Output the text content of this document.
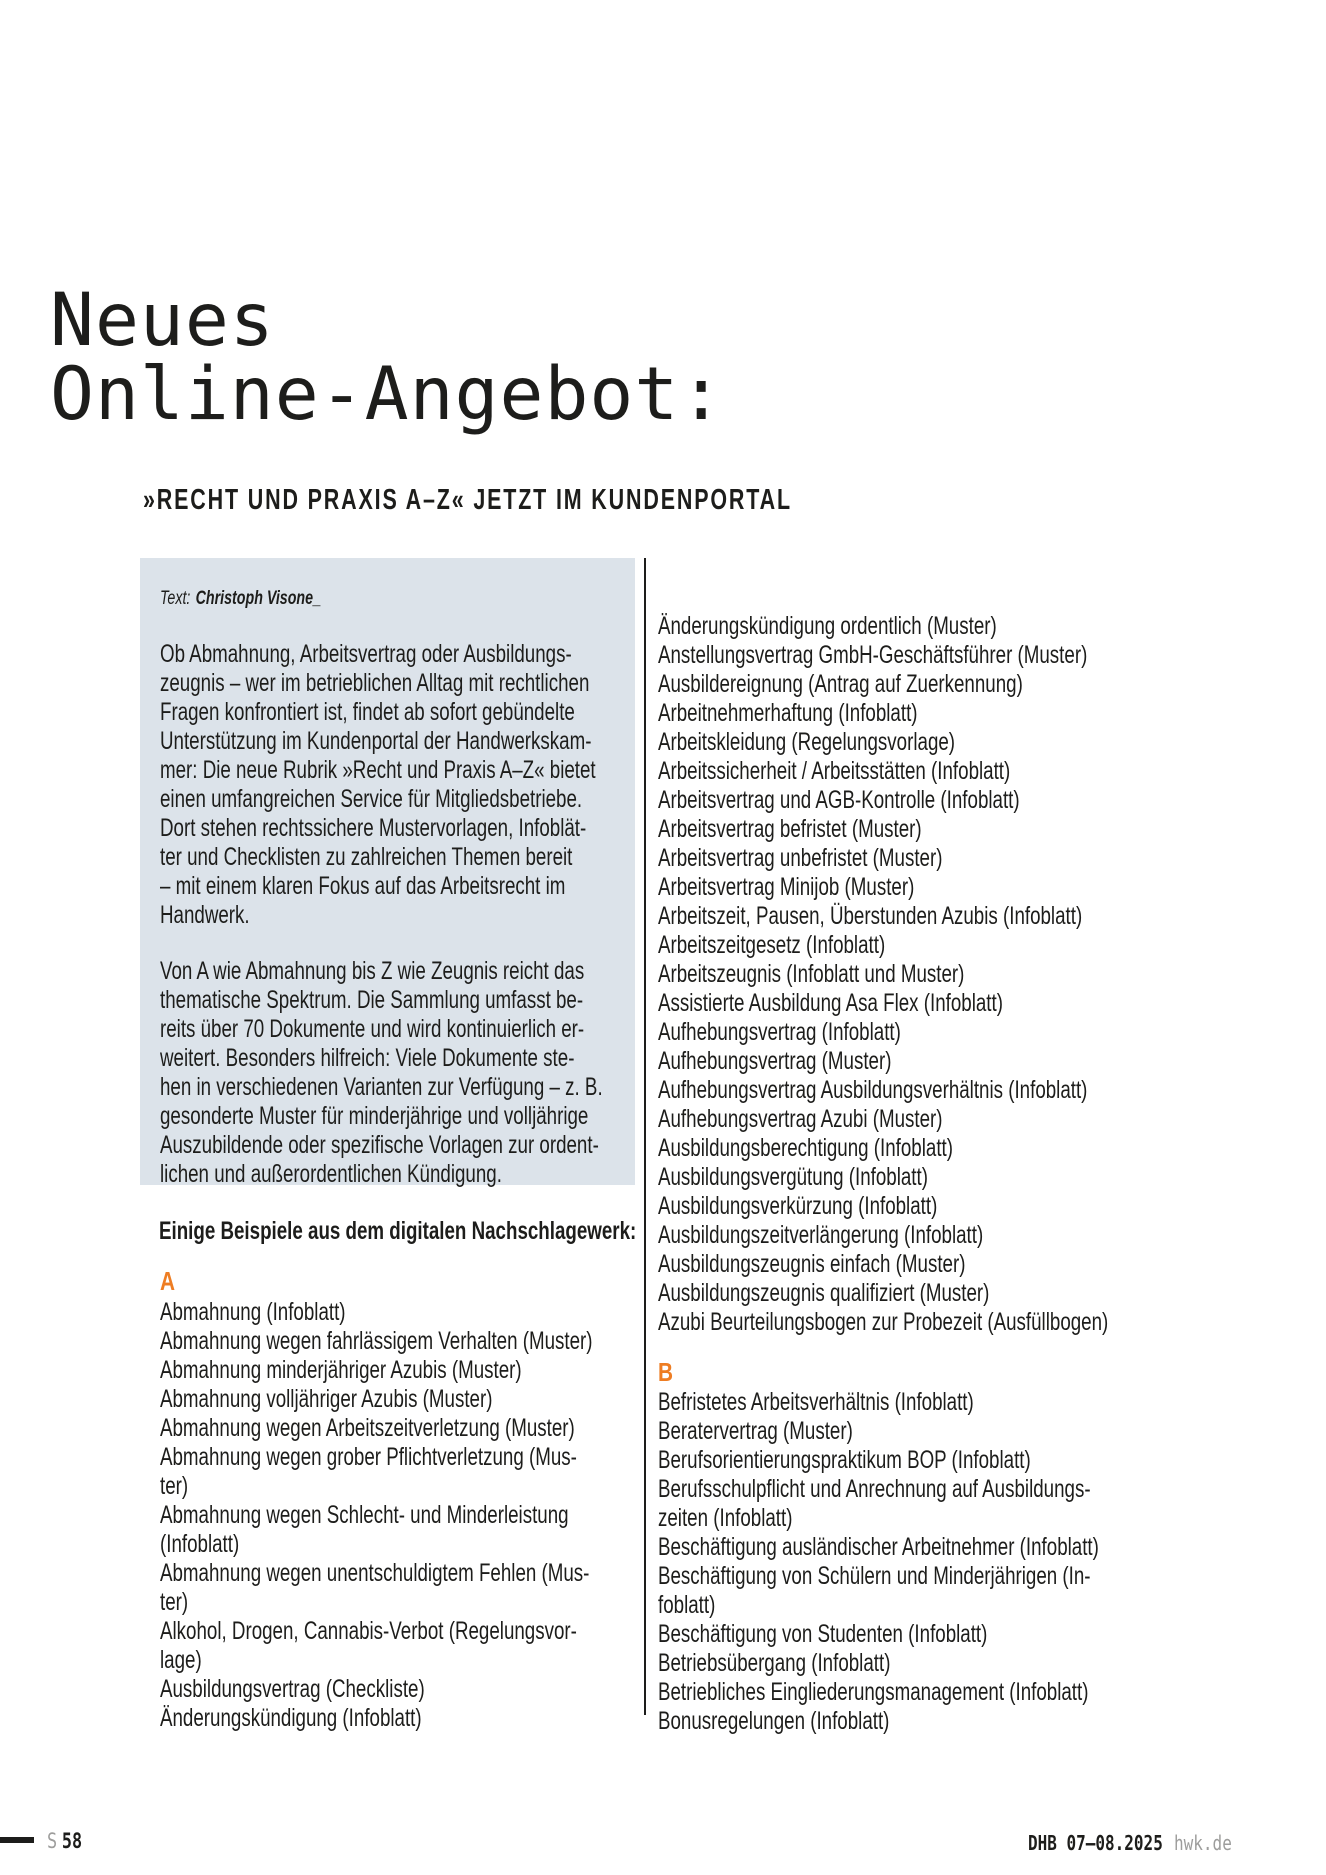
Neues
Online-Angebot:
»RECHT UND PRAXIS A–Z« JETZT IM KUNDENPORTAL
Text: Christoph Visone_
Ob Abmahnung, Arbeitsvertrag oder Ausbildungs-
zeugnis – wer im betrieblichen Alltag mit rechtlichen
Fragen konfrontiert ist, findet ab sofort gebündelte
Unterstützung im Kundenportal der Handwerkskam-
mer: Die neue Rubrik »Recht und Praxis A–Z« bietet
einen umfangreichen Service für Mitgliedsbetriebe.
Dort stehen rechtssichere Mustervorlagen, Infoblät-
ter und Checklisten zu zahlreichen Themen bereit
– mit einem klaren Fokus auf das Arbeitsrecht im
Handwerk.
Von A wie Abmahnung bis Z wie Zeugnis reicht das
thematische Spektrum. Die Sammlung umfasst be-
reits über 70 Dokumente und wird kontinuierlich er-
weitert. Besonders hilfreich: Viele Dokumente ste-
hen in verschiedenen Varianten zur Verfügung – z. B.
gesonderte Muster für minderjährige und volljährige
Auszubildende oder spezifische Vorlagen zur ordent-
lichen und außerordentlichen Kündigung.
Einige Beispiele aus dem digitalen Nachschlagewerk:
A
Abmahnung (Infoblatt)
Abmahnung wegen fahrlässigem Verhalten (Muster)
Abmahnung minderjähriger Azubis (Muster)
Abmahnung volljähriger Azubis (Muster)
Abmahnung wegen Arbeitszeitverletzung (Muster)
Abmahnung wegen grober Pflichtverletzung (Mus-
ter)
Abmahnung wegen Schlecht- und Minderleistung
(Infoblatt)
Abmahnung wegen unentschuldigtem Fehlen (Mus-
ter)
Alkohol, Drogen, Cannabis-Verbot (Regelungsvor-
lage)
Ausbildungsvertrag (Checkliste)
Änderungskündigung (Infoblatt)
Änderungskündigung ordentlich (Muster)
Anstellungsvertrag GmbH-Geschäftsführer (Muster)
Ausbildereignung (Antrag auf Zuerkennung)
Arbeitnehmerhaftung (Infoblatt)
Arbeitskleidung (Regelungsvorlage)
Arbeitssicherheit / Arbeitsstätten (Infoblatt)
Arbeitsvertrag und AGB-Kontrolle (Infoblatt)
Arbeitsvertrag befristet (Muster)
Arbeitsvertrag unbefristet (Muster)
Arbeitsvertrag Minijob (Muster)
Arbeitszeit, Pausen, Überstunden Azubis (Infoblatt)
Arbeitszeitgesetz (Infoblatt)
Arbeitszeugnis (Infoblatt und Muster)
Assistierte Ausbildung Asa Flex (Infoblatt)
Aufhebungsvertrag (Infoblatt)
Aufhebungsvertrag (Muster)
Aufhebungsvertrag Ausbildungsverhältnis (Infoblatt)
Aufhebungsvertrag Azubi (Muster)
Ausbildungsberechtigung (Infoblatt)
Ausbildungsvergütung (Infoblatt)
Ausbildungsverkürzung (Infoblatt)
Ausbildungszeitverlängerung (Infoblatt)
Ausbildungszeugnis einfach (Muster)
Ausbildungszeugnis qualifiziert (Muster)
Azubi Beurteilungsbogen zur Probezeit (Ausfüllbogen)
B
Befristetes Arbeitsverhältnis (Infoblatt)
Beratervertrag (Muster)
Berufsorientierungspraktikum BOP (Infoblatt)
Berufsschulpflicht und Anrechnung auf Ausbildungs-
zeiten (Infoblatt)
Beschäftigung ausländischer Arbeitnehmer (Infoblatt)
Beschäftigung von Schülern und Minderjährigen (In-
foblatt)
Beschäftigung von Studenten (Infoblatt)
Betriebsübergang (Infoblatt)
Betriebliches Eingliederungsmanagement (Infoblatt)
Bonusregelungen (Infoblatt)
S 58	DHB 07–08.2025 hwk.de
